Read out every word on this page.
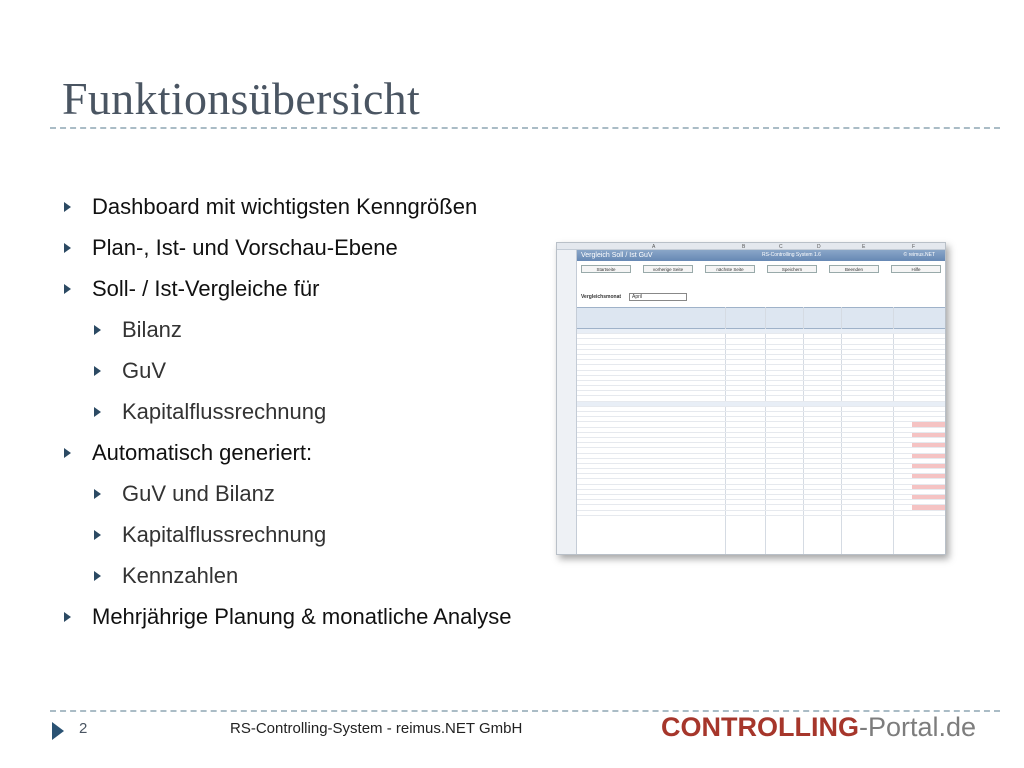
Funktionsübersicht
Dashboard mit wichtigsten Kenngrößen
Plan-, Ist- und Vorschau-Ebene
Soll- / Ist-Vergleiche für
Bilanz
GuV
Kapitalflussrechnung
Automatisch generiert:
GuV und Bilanz
Kapitalflussrechnung
Kennzahlen
Mehrjährige Planung & monatliche Analyse
A	B	C	D	E	F
Vergleich Soll / Ist GuV	RS-Controlling System 1.6	© reimus.NET
Startseite	vorherige Seite	nächste Seite	Speichern	Beenden	Hilfe
Vergleichsmonat	April
2	RS-Controlling-System - reimus.NET GmbH	CONTROLLING-Portal.de
